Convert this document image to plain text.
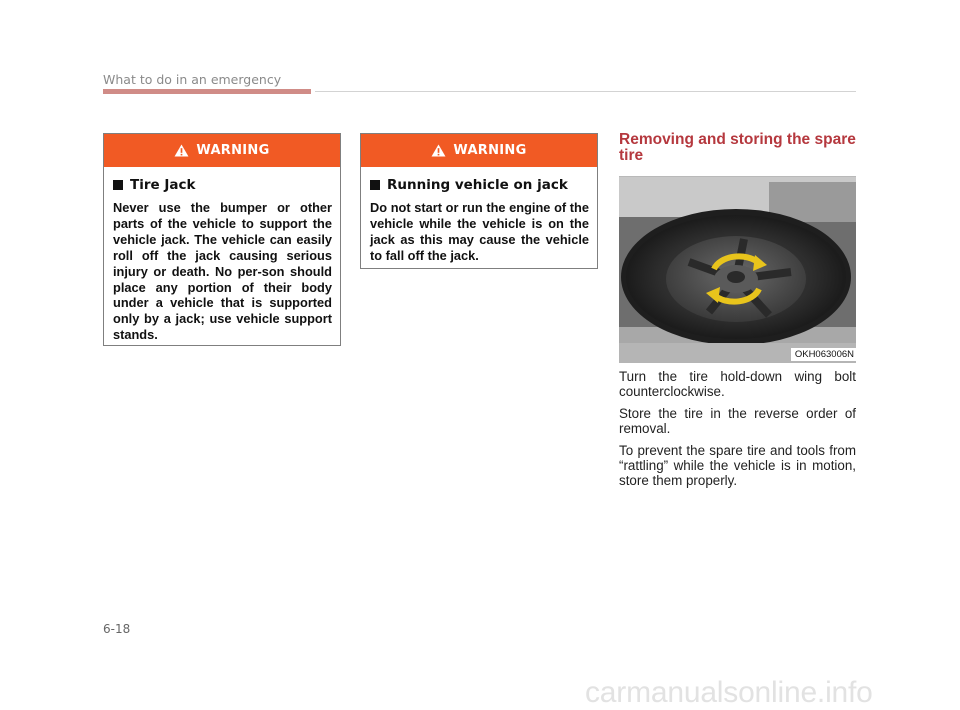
What to do in an emergency
WARNING
Tire Jack
Never use the bumper or other parts of the vehicle to support the vehicle jack. The vehicle can easily roll off the jack causing serious injury or death. No per-son should place any portion of their body under a vehicle that is supported only by a jack; use vehicle support stands.
WARNING
Running vehicle on jack
Do not start or run the engine of the vehicle while the vehicle is on the jack as this may cause the vehicle to fall off the jack.
Removing and storing the spare tire
OKH063006N

Turn the tire hold-down wing bolt counterclockwise.

Store the tire in the reverse order of removal.

To prevent the spare tire and tools from “rattling” while the vehicle is in motion, store them properly.

6-18
carmanualsonline.info
